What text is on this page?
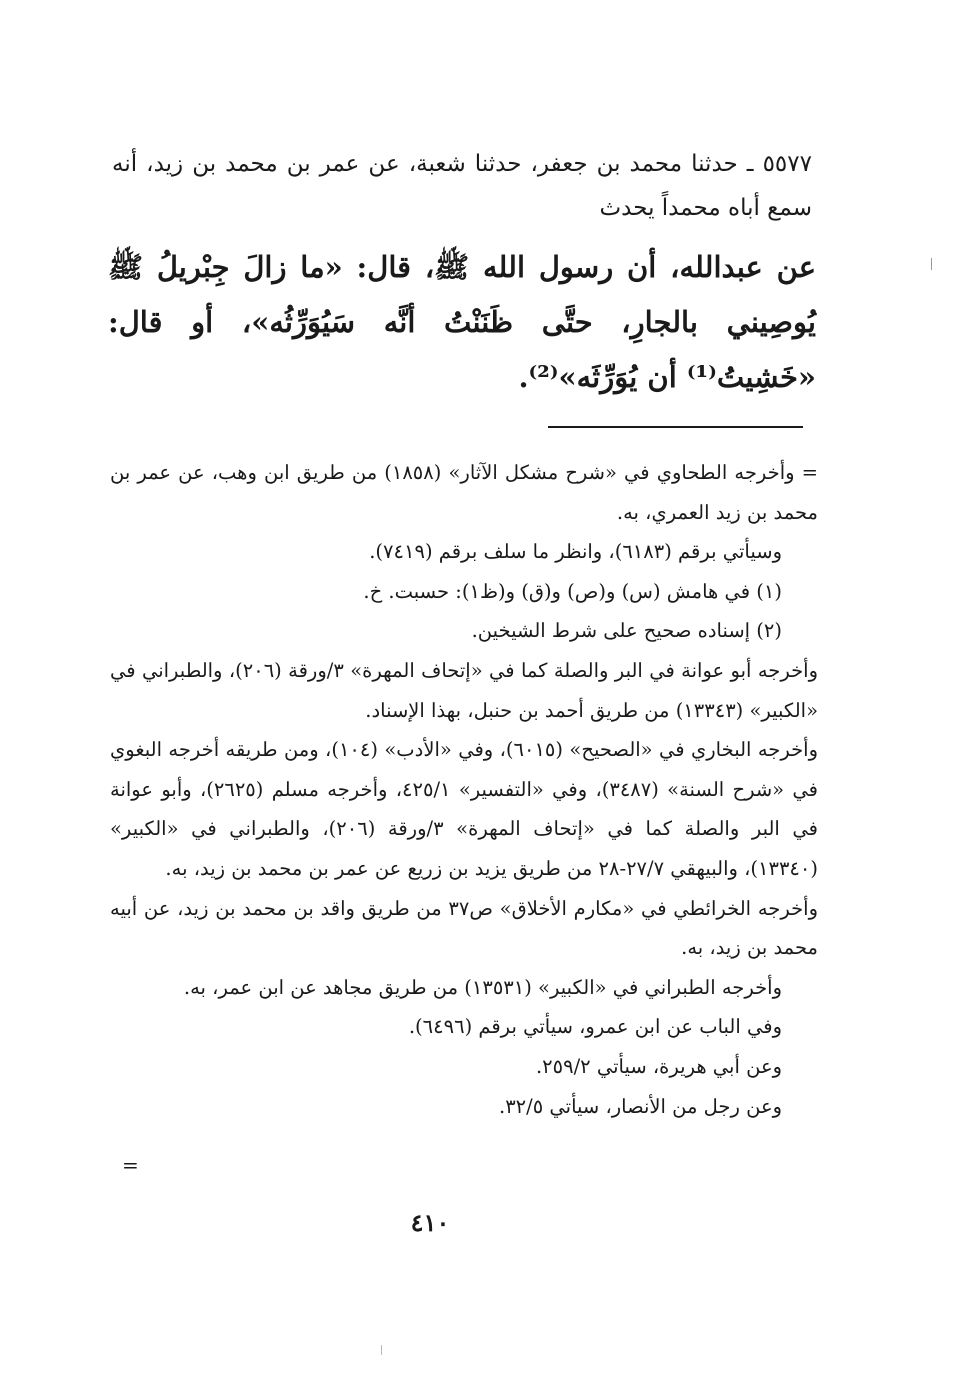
٥٥٧٧ ـ حدثنا محمد بن جعفر، حدثنا شعبة، عن عمر بن محمد بن زيد، أنه سمع أباه محمداً يحدث
عن عبدالله، أن رسول الله ﷺ، قال: «ما زالَ جِبْريلُ ﷺ يُوصِيني بالجارِ، حتَّى ظَنَنْتُ أنَّه سَيُوَرِّثُه»، أو قال: «خَشِيتُ⁽¹⁾ أن يُوَرِّثَه»⁽²⁾.

= وأخرجه الطحاوي في «شرح مشكل الآثار» (١٨٥٨) من طريق ابن وهب، عن عمر بن محمد بن زيد العمري، به.

وسيأتي برقم (٦١٨٣)، وانظر ما سلف برقم (٧٤١٩).

(١) في هامش (س) و(ص) و(ق) و(ظ١): حسبت. خ.

(٢) إسناده صحيح على شرط الشيخين.

وأخرجه أبو عوانة في البر والصلة كما في «إتحاف المهرة» ٣/ورقة (٢٠٦)، والطبراني في «الكبير» (١٣٣٤٣) من طريق أحمد بن حنبل، بهذا الإسناد.

وأخرجه البخاري في «الصحيح» (٦٠١٥)، وفي «الأدب» (١٠٤)، ومن طريقه أخرجه البغوي في «شرح السنة» (٣٤٨٧)، وفي «التفسير» ٤٢٥/١، وأخرجه مسلم (٢٦٢٥)، وأبو عوانة في البر والصلة كما في «إتحاف المهرة» ٣/ورقة (٢٠٦)، والطبراني في «الكبير» (١٣٣٤٠)، والبيهقي ٢٧/٧-٢٨ من طريق يزيد بن زريع عن عمر بن محمد بن زيد، به.

وأخرجه الخرائطي في «مكارم الأخلاق» ص٣٧ من طريق واقد بن محمد بن زيد، عن أبيه محمد بن زيد، به.

وأخرجه الطبراني في «الكبير» (١٣٥٣١) من طريق مجاهد عن ابن عمر، به.

وفي الباب عن ابن عمرو، سيأتي برقم (٦٤٩٦).

وعن أبي هريرة، سيأتي ٢٥٩/٢.

وعن رجل من الأنصار، سيأتي ٣٢/٥.

=
٤١٠
